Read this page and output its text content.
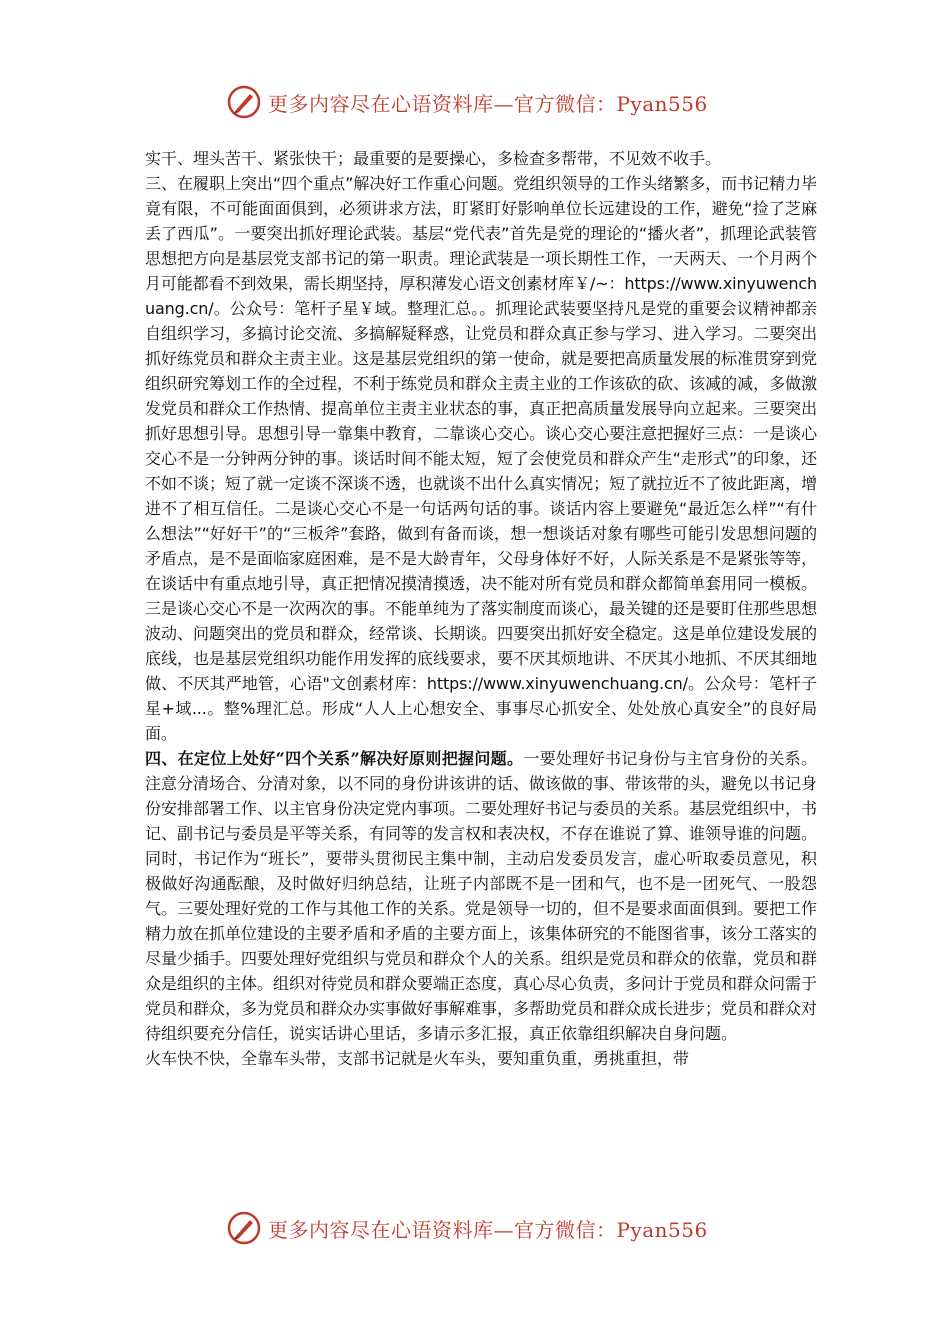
更多内容尽在心语资料库—官方微信：Pyan556

实干、埋头苦干、紧张快干；最重要的是要操心，多检查多帮带，不见效不收手。

三、在履职上突出“四个重点”解决好工作重心问题。党组织领导的工作头绪繁多，而书记精力毕竟有限，不可能面面俱到，必须讲求方法，盯紧盯好影响单位长远建设的工作，避免“捡了芝麻丢了西瓜”。一要突出抓好理论武装。基层“党代表”首先是党的理论的“播火者”，抓理论武装管思想把方向是基层党支部书记的第一职责。理论武装是一项长期性工作，一天两天、一个月两个月可能都看不到效果，需长期坚持，厚积薄发心语文创素材库￥/~：https://www.xinyuwenchuang.cn/。公众号：笔杆子星￥域。整理汇总。。抓理论武装要坚持凡是党的重要会议精神都亲自组织学习，多搞讨论交流、多搞解疑释惑，让党员和群众真正参与学习、进入学习。二要突出抓好练党员和群众主责主业。这是基层党组织的第一使命，就是要把高质量发展的标准贯穿到党组织研究筹划工作的全过程，不利于练党员和群众主责主业的工作该砍的砍、该减的减，多做激发党员和群众工作热情、提高单位主责主业状态的事，真正把高质量发展导向立起来。三要突出抓好思想引导。思想引导一靠集中教育，二靠谈心交心。谈心交心要注意把握好三点：一是谈心交心不是一分钟两分钟的事。谈话时间不能太短，短了会使党员和群众产生“走形式”的印象，还不如不谈；短了就一定谈不深谈不透，也就谈不出什么真实情况；短了就拉近不了彼此距离，增进不了相互信任。二是谈心交心不是一句话两句话的事。谈话内容上要避免“最近怎么样”“有什么想法”“好好干”的“三板斧”套路，做到有备而谈，想一想谈话对象有哪些可能引发思想问题的矛盾点，是不是面临家庭困难，是不是大龄青年，父母身体好不好，人际关系是不是紧张等等，在谈话中有重点地引导，真正把情况摸清摸透，决不能对所有党员和群众都简单套用同一模板。三是谈心交心不是一次两次的事。不能单纯为了落实制度而谈心，最关键的还是要盯住那些思想波动、问题突出的党员和群众，经常谈、长期谈。四要突出抓好安全稳定。这是单位建设发展的底线，也是基层党组织功能作用发挥的底线要求，要不厌其烦地讲、不厌其小地抓、不厌其细地做、不厌其严地管，心语"文创素材库：https://www.xinyuwenchuang.cn/。公众号：笔杆子星+域...。整%理汇总。形成“人人上心想安全、事事尽心抓安全、处处放心真安全”的良好局面。

四、在定位上处好“四个关系”解决好原则把握问题。一要处理好书记身份与主官身份的关系。注意分清场合、分清对象，以不同的身份讲该讲的话、做该做的事、带该带的头，避免以书记身份安排部署工作、以主官身份决定党内事项。二要处理好书记与委员的关系。基层党组织中，书记、副书记与委员是平等关系，有同等的发言权和表决权，不存在谁说了算、谁领导谁的问题。同时，书记作为“班长”，要带头贯彻民主集中制，主动启发委员发言，虚心听取委员意见，积极做好沟通酝酿，及时做好归纳总结，让班子内部既不是一团和气，也不是一团死气、一股怨气。三要处理好党的工作与其他工作的关系。党是领导一切的，但不是要求面面俱到。要把工作精力放在抓单位建设的主要矛盾和矛盾的主要方面上，该集体研究的不能图省事，该分工落实的尽量少插手。四要处理好党组织与党员和群众个人的关系。组织是党员和群众的依靠，党员和群众是组织的主体。组织对待党员和群众要端正态度，真心尽心负责，多问计于党员和群众问需于党员和群众，多为党员和群众办实事做好事解难事，多帮助党员和群众成长进步；党员和群众对待组织要充分信任，说实话讲心里话，多请示多汇报，真正依靠组织解决自身问题。

火车快不快，全靠车头带，支部书记就是火车头，要知重负重，勇挑重担，带

更多内容尽在心语资料库—官方微信：Pyan556
